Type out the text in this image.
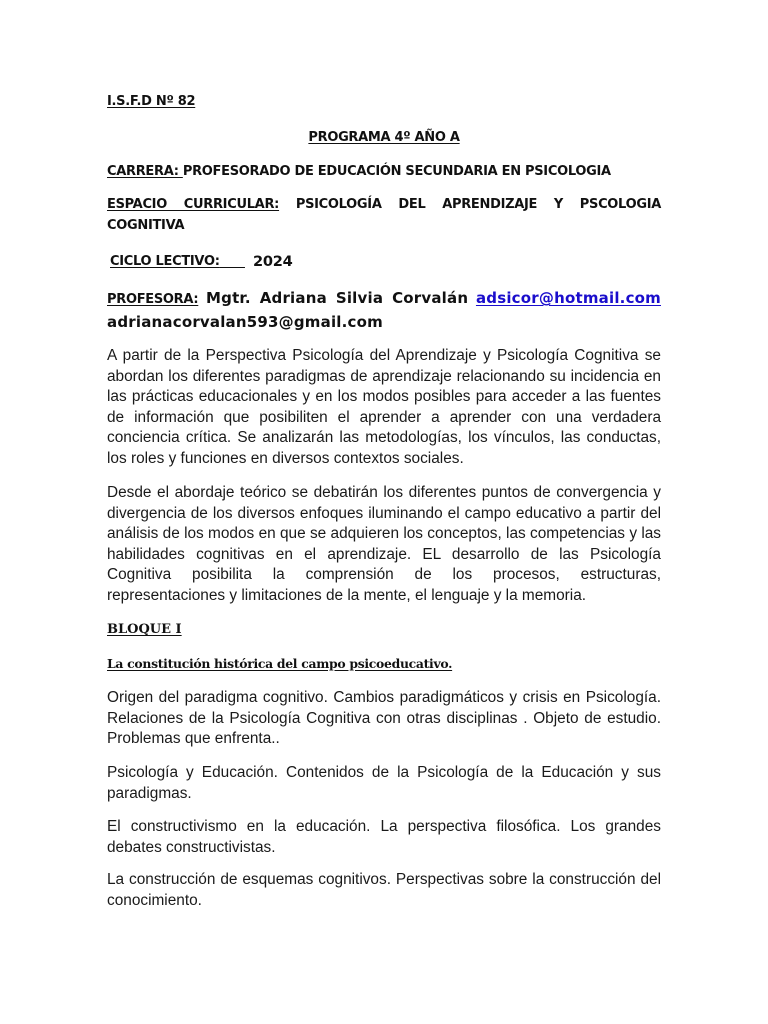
I.S.F.D Nº 82
PROGRAMA 4º AÑO A
CARRERA: PROFESORADO DE EDUCACIÓN SECUNDARIA EN PSICOLOGIA
ESPACIO CURRICULAR: PSICOLOGÍA DEL APRENDIZAJE Y PSCOLOGIA
COGNITIVA
CICLO LECTIVO:	2024
PROFESORA: Mgtr. Adriana Silvia Corvalán adsicor@hotmail.com
adrianacorvalan593@gmail.com
A partir de la Perspectiva Psicología del Aprendizaje y Psicología Cognitiva se abordan los diferentes paradigmas de aprendizaje relacionando su incidencia en las prácticas educacionales y en los modos posibles para acceder a las fuentes de información que posibiliten el aprender a aprender con una verdadera conciencia crítica. Se analizarán las metodologías, los vínculos, las conductas, los roles y funciones en diversos contextos sociales.
Desde el abordaje teórico se debatirán los diferentes puntos de convergencia y divergencia de los diversos enfoques iluminando el campo educativo a partir del análisis de los modos en que se adquieren los conceptos, las competencias y las habilidades cognitivas en el aprendizaje. EL desarrollo de las Psicología Cognitiva posibilita la comprensión de los procesos, estructuras, representaciones y limitaciones de la mente, el lenguaje y la memoria.
BLOQUE I
La constitución histórica del campo psicoeducativo.
Origen del paradigma cognitivo. Cambios paradigmáticos y crisis en Psicología. Relaciones de la Psicología Cognitiva con otras disciplinas . Objeto de estudio. Problemas que enfrenta..
Psicología y Educación. Contenidos de la Psicología de la Educación y sus paradigmas.
El constructivismo en la educación. La perspectiva filosófica. Los grandes debates constructivistas.
La construcción de esquemas cognitivos. Perspectivas sobre la construcción del conocimiento.
